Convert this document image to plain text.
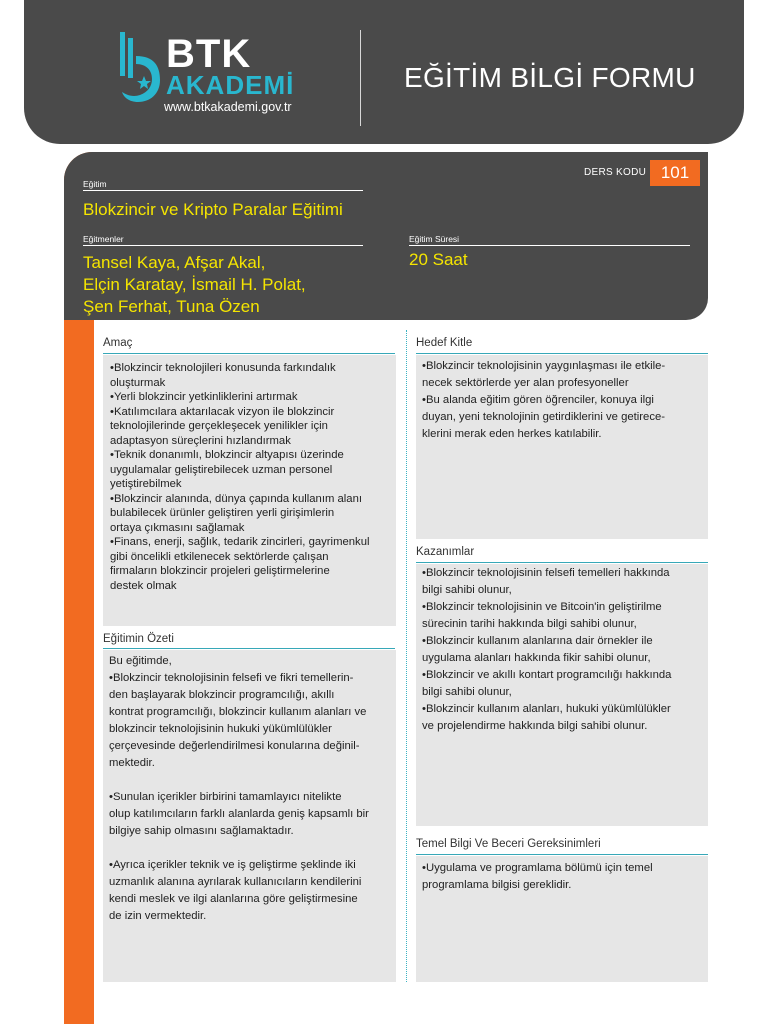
BTK
AKADEMİ
www.btkakademi.gov.tr
EĞİTİM BİLGİ FORMU
DERS KODU 101
Eğitim
Blokzincir ve Kripto Paralar Eğitimi
Eğitmenler
Tansel Kaya, Afşar Akal,
Elçin Karatay, İsmail H. Polat,
Şen Ferhat, Tuna Özen
Eğitim Süresi
20 Saat
Amaç
•Blokzincir teknolojileri konusunda farkındalık
oluşturmak
•Yerli blokzincir yetkinliklerini artırmak
•Katılımcılara aktarılacak vizyon ile blokzincir
teknolojilerinde gerçekleşecek yenilikler için
adaptasyon süreçlerini hızlandırmak
•Teknik donanımlı, blokzincir altyapısı üzerinde
uygulamalar geliştirebilecek uzman personel
yetiştirebilmek
•Blokzincir alanında, dünya çapında kullanım alanı
bulabilecek ürünler geliştiren yerli girişimlerin
ortaya çıkmasını sağlamak
•Finans, enerji, sağlık, tedarik zincirleri, gayrimenkul
gibi öncelikli etkilenecek sektörlerde çalışan
firmaların blokzincir projeleri geliştirmelerine
destek olmak
Eğitimin Özeti
Bu eğitimde,
•Blokzincir teknolojisinin felsefi ve fikri temellerin-
den başlayarak blokzincir programcılığı, akıllı
kontrat programcılığı, blokzincir kullanım alanları ve
blokzincir teknolojisinin hukuki yükümlülükler
çerçevesinde değerlendirilmesi konularına değinil-
mektedir.
•Sunulan içerikler birbirini tamamlayıcı nitelikte
olup katılımcıların farklı alanlarda geniş kapsamlı bir
bilgiye sahip olmasını sağlamaktadır.
•Ayrıca içerikler teknik ve iş geliştirme şeklinde iki
uzmanlık alanına ayrılarak kullanıcıların kendilerini
kendi meslek ve ilgi alanlarına göre geliştirmesine
de izin vermektedir.
Hedef Kitle
•Blokzincir teknolojisinin yaygınlaşması ile etkile-
necek sektörlerde yer alan profesyoneller
•Bu alanda eğitim gören öğrenciler, konuya ilgi
duyan, yeni teknolojinin getirdiklerini ve getirece-
klerini merak eden herkes katılabilir.
Kazanımlar
•Blokzincir teknolojisinin felsefi temelleri hakkında
bilgi sahibi olunur,
•Blokzincir teknolojisinin ve Bitcoin'in geliştirilme
sürecinin tarihi hakkında bilgi sahibi olunur,
•Blokzincir kullanım alanlarına dair örnekler ile
uygulama alanları hakkında fikir sahibi olunur,
•Blokzincir ve akıllı kontart programcılığı hakkında
bilgi sahibi olunur,
•Blokzincir kullanım alanları, hukuki yükümlülükler
ve projelendirme hakkında bilgi sahibi olunur.
Temel Bilgi Ve Beceri Gereksinimleri
•Uygulama ve programlama bölümü için temel
programlama bilgisi gereklidir.
